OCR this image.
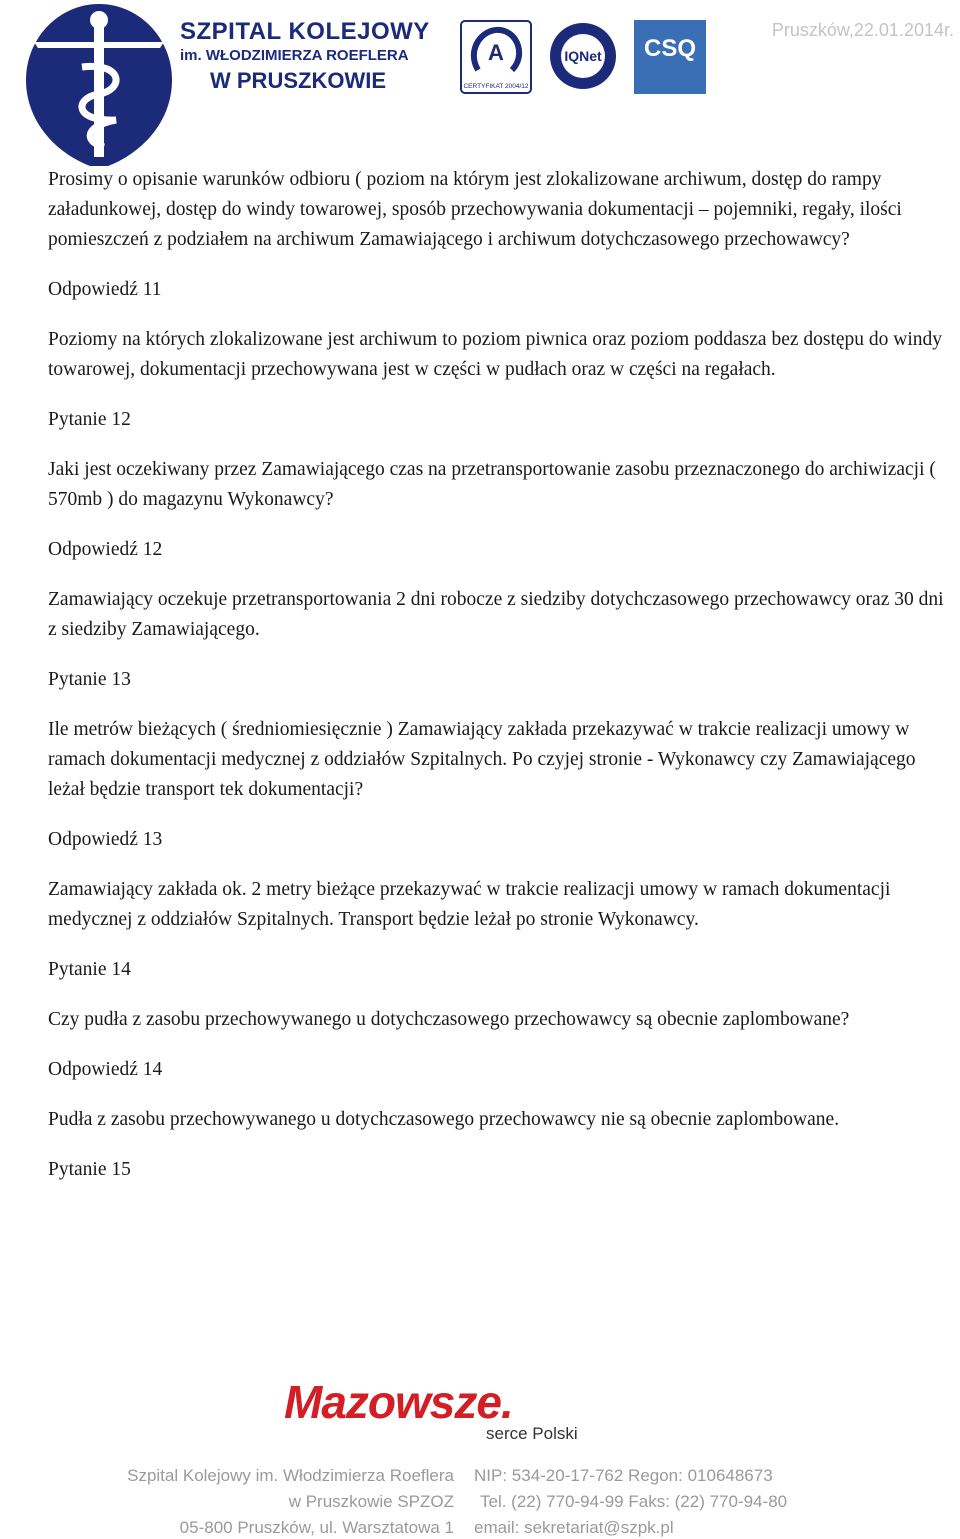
SZPITAL KOLEJOWY
im. WŁODZIMIERZA ROEFLERA
W PRUSZKOWIE
A
CERTYFIKAT 2004/12
IQNet CSQ
Pruszków,22.01.2014r.

Prosimy o opisanie warunków odbioru ( poziom na którym jest zlokalizowane archiwum, dostęp do rampy załadunkowej, dostęp do windy towarowej, sposób przechowywania dokumentacji – pojemniki, regały, ilości pomieszczeń z podziałem na archiwum Zamawiającego i archiwum dotychczasowego przechowawcy?

Odpowiedź 11

Poziomy na których zlokalizowane jest archiwum to poziom piwnica oraz poziom poddasza bez dostępu do windy towarowej, dokumentacji przechowywana jest w części w pudłach oraz w części na regałach.

Pytanie 12

Jaki jest oczekiwany przez Zamawiającego czas na przetransportowanie zasobu przeznaczonego do archiwizacji ( 570mb ) do magazynu Wykonawcy?

Odpowiedź 12

Zamawiający oczekuje przetransportowania 2 dni robocze z siedziby dotychczasowego przechowawcy oraz 30 dni z siedziby Zamawiającego.

Pytanie 13

Ile metrów bieżących ( średniomiesięcznie ) Zamawiający zakłada przekazywać w trakcie realizacji umowy w ramach dokumentacji medycznej z oddziałów Szpitalnych. Po czyjej stronie - Wykonawcy czy Zamawiającego leżał będzie transport tek dokumentacji?

Odpowiedź 13

Zamawiający zakłada ok. 2 metry bieżące przekazywać w trakcie realizacji umowy w ramach dokumentacji medycznej z oddziałów Szpitalnych. Transport będzie leżał po stronie Wykonawcy.

Pytanie 14

Czy pudła z zasobu przechowywanego u dotychczasowego przechowawcy są obecnie zaplombowane?

Odpowiedź 14

Pudła z zasobu przechowywanego u dotychczasowego przechowawcy nie są obecnie zaplombowane.

Pytanie 15

Mazowsze.
serce Polski
Szpital Kolejowy im. Włodzimierza Roeflera
w Pruszkowie SPZOZ
05-800 Pruszków, ul. Warsztatowa 1
NIP: 534-20-17-762 Regon: 010648673
Tel. (22) 770-94-99 Faks: (22) 770-94-80
email: sekretariat@szpk.pl
